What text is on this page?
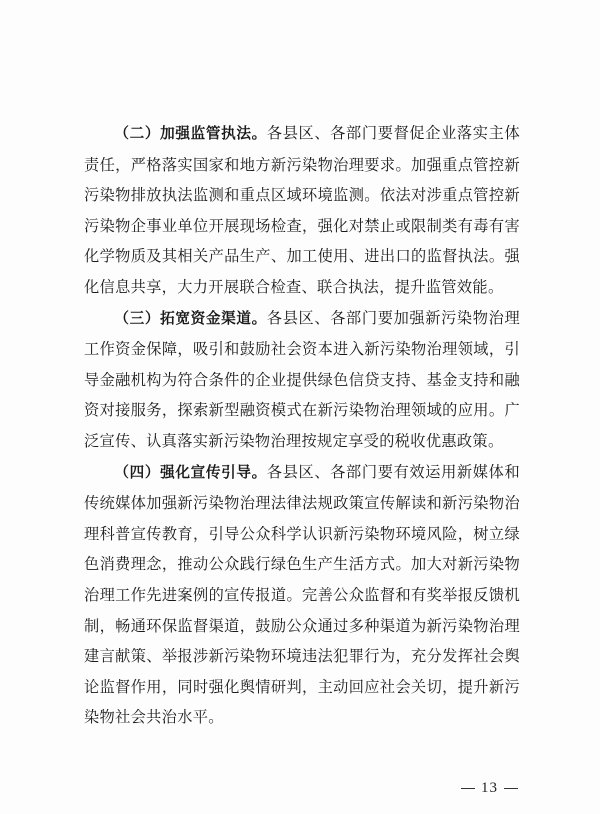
（二）加强监管执法。各县区、各部门要督促企业落实主体责任，严格落实国家和地方新污染物治理要求。加强重点管控新污染物排放执法监测和重点区域环境监测。依法对涉重点管控新污染物企事业单位开展现场检查，强化对禁止或限制类有毒有害化学物质及其相关产品生产、加工使用、进出口的监督执法。强化信息共享，大力开展联合检查、联合执法，提升监管效能。

（三）拓宽资金渠道。各县区、各部门要加强新污染物治理工作资金保障，吸引和鼓励社会资本进入新污染物治理领域，引导金融机构为符合条件的企业提供绿色信贷支持、基金支持和融资对接服务，探索新型融资模式在新污染物治理领域的应用。广泛宣传、认真落实新污染物治理按规定享受的税收优惠政策。

（四）强化宣传引导。各县区、各部门要有效运用新媒体和传统媒体加强新污染物治理法律法规政策宣传解读和新污染物治理科普宣传教育，引导公众科学认识新污染物环境风险，树立绿色消费理念，推动公众践行绿色生产生活方式。加大对新污染物治理工作先进案例的宣传报道。完善公众监督和有奖举报反馈机制，畅通环保监督渠道，鼓励公众通过多种渠道为新污染物治理建言献策、举报涉新污染物环境违法犯罪行为，充分发挥社会舆论监督作用，同时强化舆情研判，主动回应社会关切，提升新污染物社会共治水平。

13
